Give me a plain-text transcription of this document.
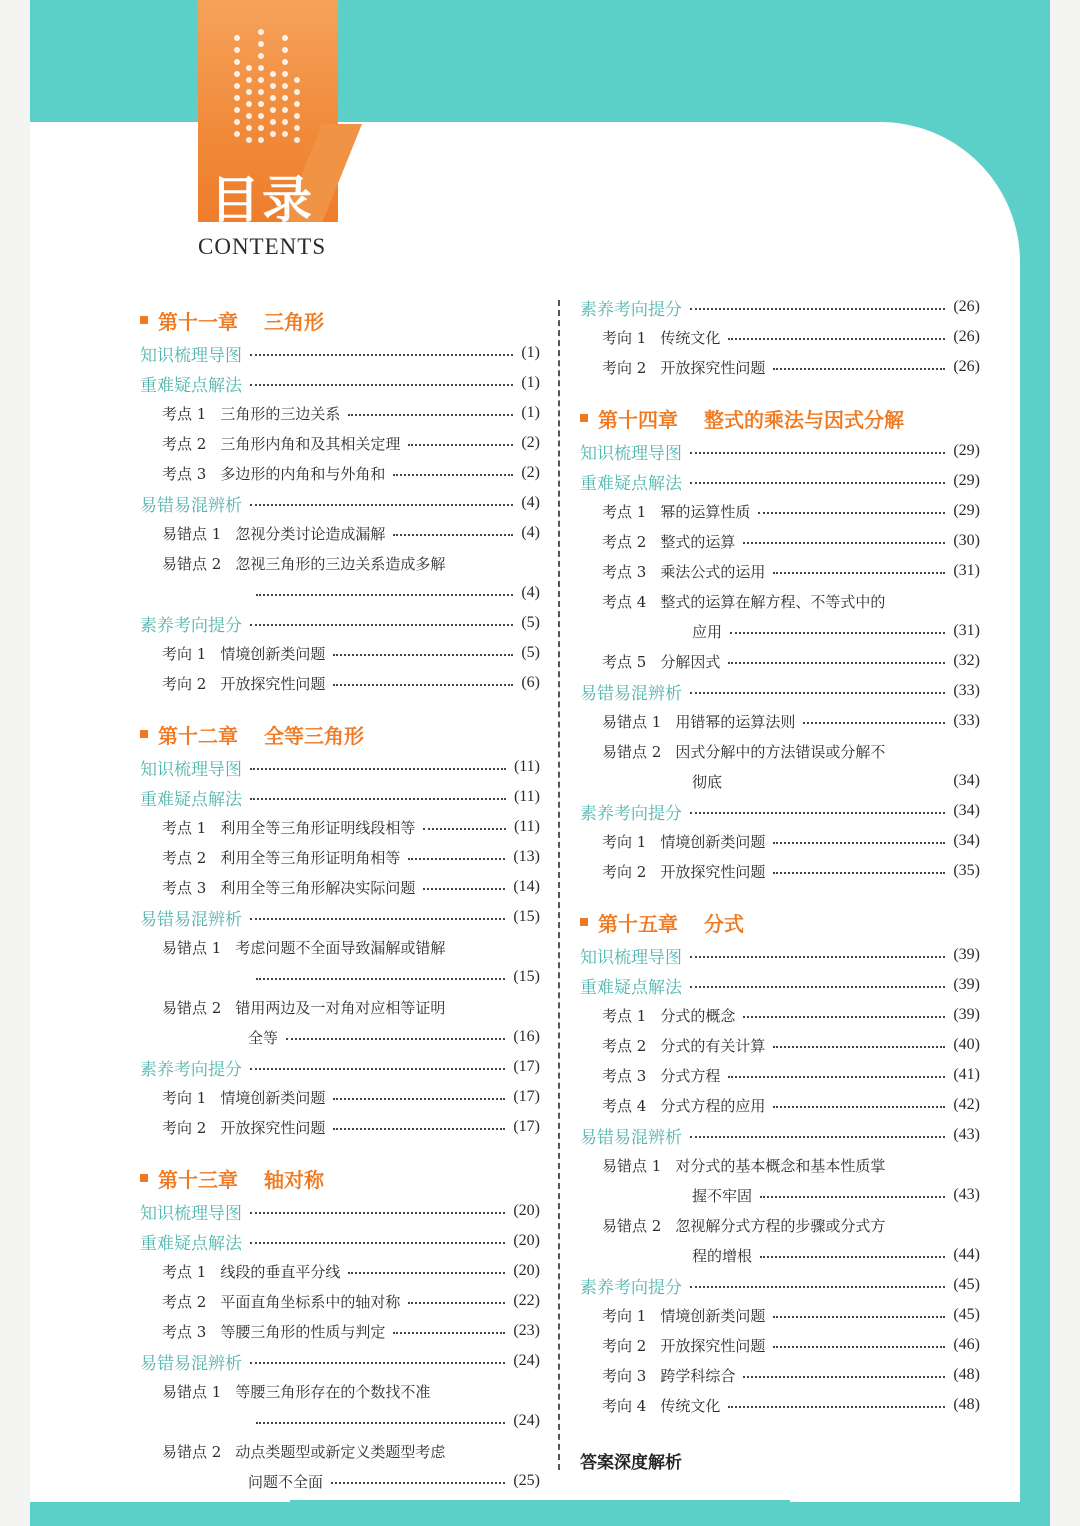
目录
CONTENTS
第十一章 三角形
知识梳理导图	(1)
重难疑点解法	(1)
考点 1 三角形的三边关系	(1)
考点 2 三角形内角和及其相关定理	(2)
考点 3 多边形的内角和与外角和	(2)
易错易混辨析	(4)
易错点 1 忽视分类讨论造成漏解	(4)
易错点 2 忽视三角形的三边关系造成多解
(4)
素养考向提分	(5)
考向 1 情境创新类问题	(5)
考向 2 开放探究性问题	(6)
第十二章 全等三角形
知识梳理导图	(11)
重难疑点解法	(11)
考点 1 利用全等三角形证明线段相等	(11)
考点 2 利用全等三角形证明角相等	(13)
考点 3 利用全等三角形解决实际问题	(14)
易错易混辨析	(15)
易错点 1 考虑问题不全面导致漏解或错解
(15)
易错点 2 错用两边及一对角对应相等证明
全等	(16)
素养考向提分	(17)
考向 1 情境创新类问题	(17)
考向 2 开放探究性问题	(17)
第十三章 轴对称
知识梳理导图	(20)
重难疑点解法	(20)
考点 1 线段的垂直平分线	(20)
考点 2 平面直角坐标系中的轴对称	(22)
考点 3 等腰三角形的性质与判定	(23)
易错易混辨析	(24)
易错点 1 等腰三角形存在的个数找不准
(24)
易错点 2 动点类题型或新定义类题型考虑
问题不全面	(25)
素养考向提分	(26)
考向 1 传统文化	(26)
考向 2 开放探究性问题	(26)
第十四章 整式的乘法与因式分解
知识梳理导图	(29)
重难疑点解法	(29)
考点 1 幂的运算性质	(29)
考点 2 整式的运算	(30)
考点 3 乘法公式的运用	(31)
考点 4 整式的运算在解方程、不等式中的
应用	(31)
考点 5 分解因式	(32)
易错易混辨析	(33)
易错点 1 用错幂的运算法则	(33)
易错点 2 因式分解中的方法错误或分解不
彻底	(34)
素养考向提分	(34)
考向 1 情境创新类问题	(34)
考向 2 开放探究性问题	(35)
第十五章 分式
知识梳理导图	(39)
重难疑点解法	(39)
考点 1 分式的概念	(39)
考点 2 分式的有关计算	(40)
考点 3 分式方程	(41)
考点 4 分式方程的应用	(42)
易错易混辨析	(43)
易错点 1 对分式的基本概念和基本性质掌
握不牢固	(43)
易错点 2 忽视解分式方程的步骤或分式方
程的增根	(44)
素养考向提分	(45)
考向 1 情境创新类问题	(45)
考向 2 开放探究性问题	(46)
考向 3 跨学科综合	(48)
考向 4 传统文化	(48)
答案深度解析
